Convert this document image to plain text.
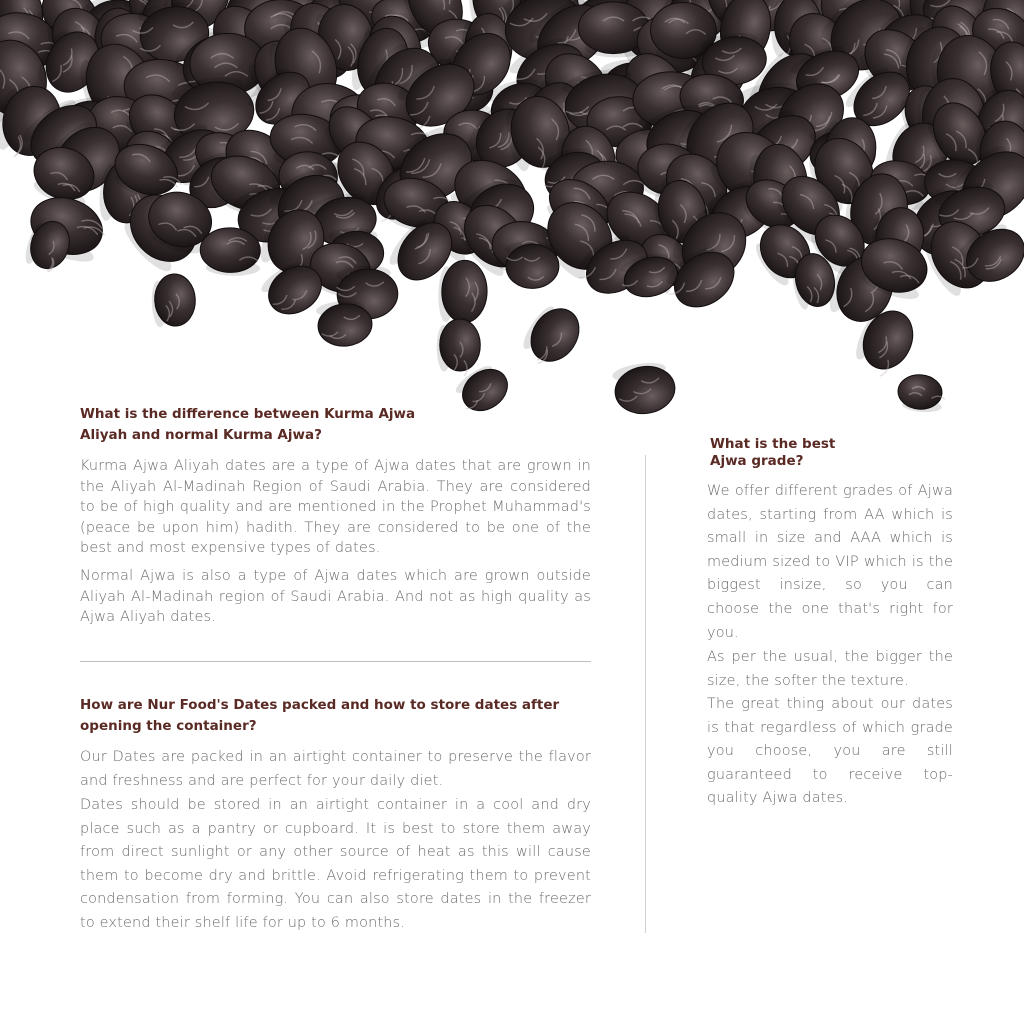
What is the difference between Kurma Ajwa
Aliyah and normal Kurma Ajwa?

Kurma Ajwa Aliyah dates are a type of Ajwa dates that are grown in the Aliyah Al-Madinah Region of Saudi Arabia. They are considered to be of high quality and are mentioned in the Prophet Muhammad's (peace be upon him) hadith. They are considered to be one of the best and most expensive types of dates.

Normal Ajwa is also a type of Ajwa dates which are grown outside Aliyah Al-Madinah region of Saudi Arabia. And not as high quality as Ajwa Aliyah dates.

How are Nur Food's Dates packed and how to store dates after
opening the container?

Our Dates are packed in an airtight container to preserve the flavor and freshness and are perfect for your daily diet.

Dates should be stored in an airtight container in a cool and dry place such as a pantry or cupboard. It is best to store them away from direct sunlight or any other source of heat as this will cause them to become dry and brittle. Avoid refrigerating them to prevent condensation from forming. You can also store dates in the freezer to extend their shelf life for up to 6 months.

What is the best
Ajwa grade?

We offer different grades of Ajwa dates, starting from AA which is small in size and AAA which is medium sized to VIP which is the biggest insize, so you can choose the one that's right for you.

As per the usual, the bigger the size, the softer the texture.

The great thing about our dates is that regardless of which grade you choose, you are still guaranteed to receive top-quality Ajwa dates.
